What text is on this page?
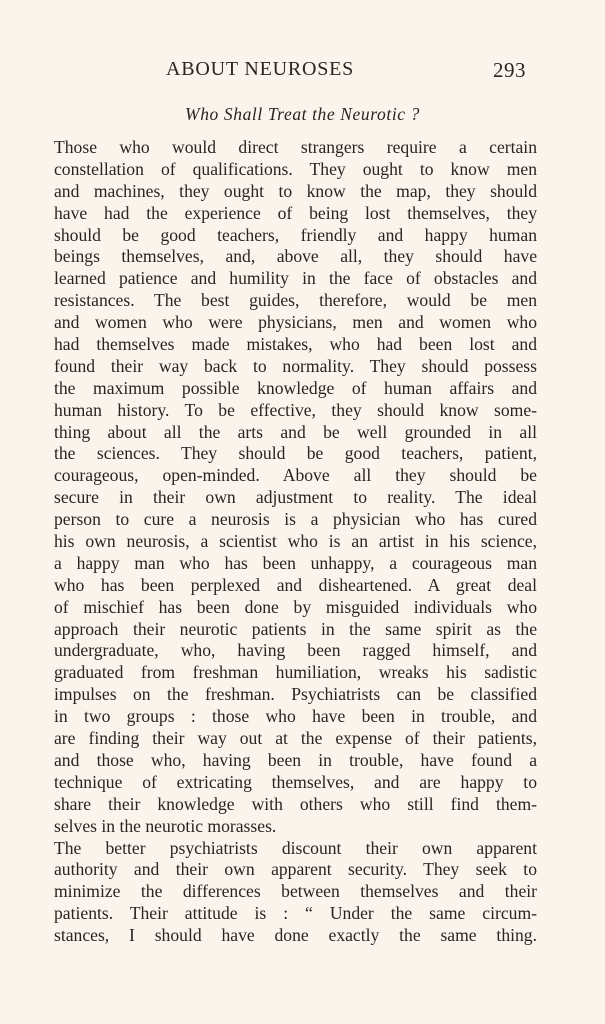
ABOUT NEUROSES	293
Who Shall Treat the Neurotic ?
Those who would direct strangers require a certain
constellation of qualifications. They ought to know men
and machines, they ought to know the map, they should
have had the experience of being lost themselves, they
should be good teachers, friendly and happy human
beings themselves, and, above all, they should have
learned patience and humility in the face of obstacles and
resistances. The best guides, therefore, would be men
and women who were physicians, men and women who
had themselves made mistakes, who had been lost and
found their way back to normality. They should possess
the maximum possible knowledge of human affairs and
human history. To be effective, they should know some-
thing about all the arts and be well grounded in all
the sciences. They should be good teachers, patient,
courageous, open-minded. Above all they should be
secure in their own adjustment to reality. The ideal
person to cure a neurosis is a physician who has cured
his own neurosis, a scientist who is an artist in his science,
a happy man who has been unhappy, a courageous man
who has been perplexed and disheartened. A great deal
of mischief has been done by misguided individuals who
approach their neurotic patients in the same spirit as the
undergraduate, who, having been ragged himself, and
graduated from freshman humiliation, wreaks his sadistic
impulses on the freshman. Psychiatrists can be classified
in two groups : those who have been in trouble, and
are finding their way out at the expense of their patients,
and those who, having been in trouble, have found a
technique of extricating themselves, and are happy to
share their knowledge with others who still find them-
selves in the neurotic morasses.
The better psychiatrists discount their own apparent
authority and their own apparent security. They seek to
minimize the differences between themselves and their
patients. Their attitude is : “ Under the same circum-
stances, I should have done exactly the same thing.
